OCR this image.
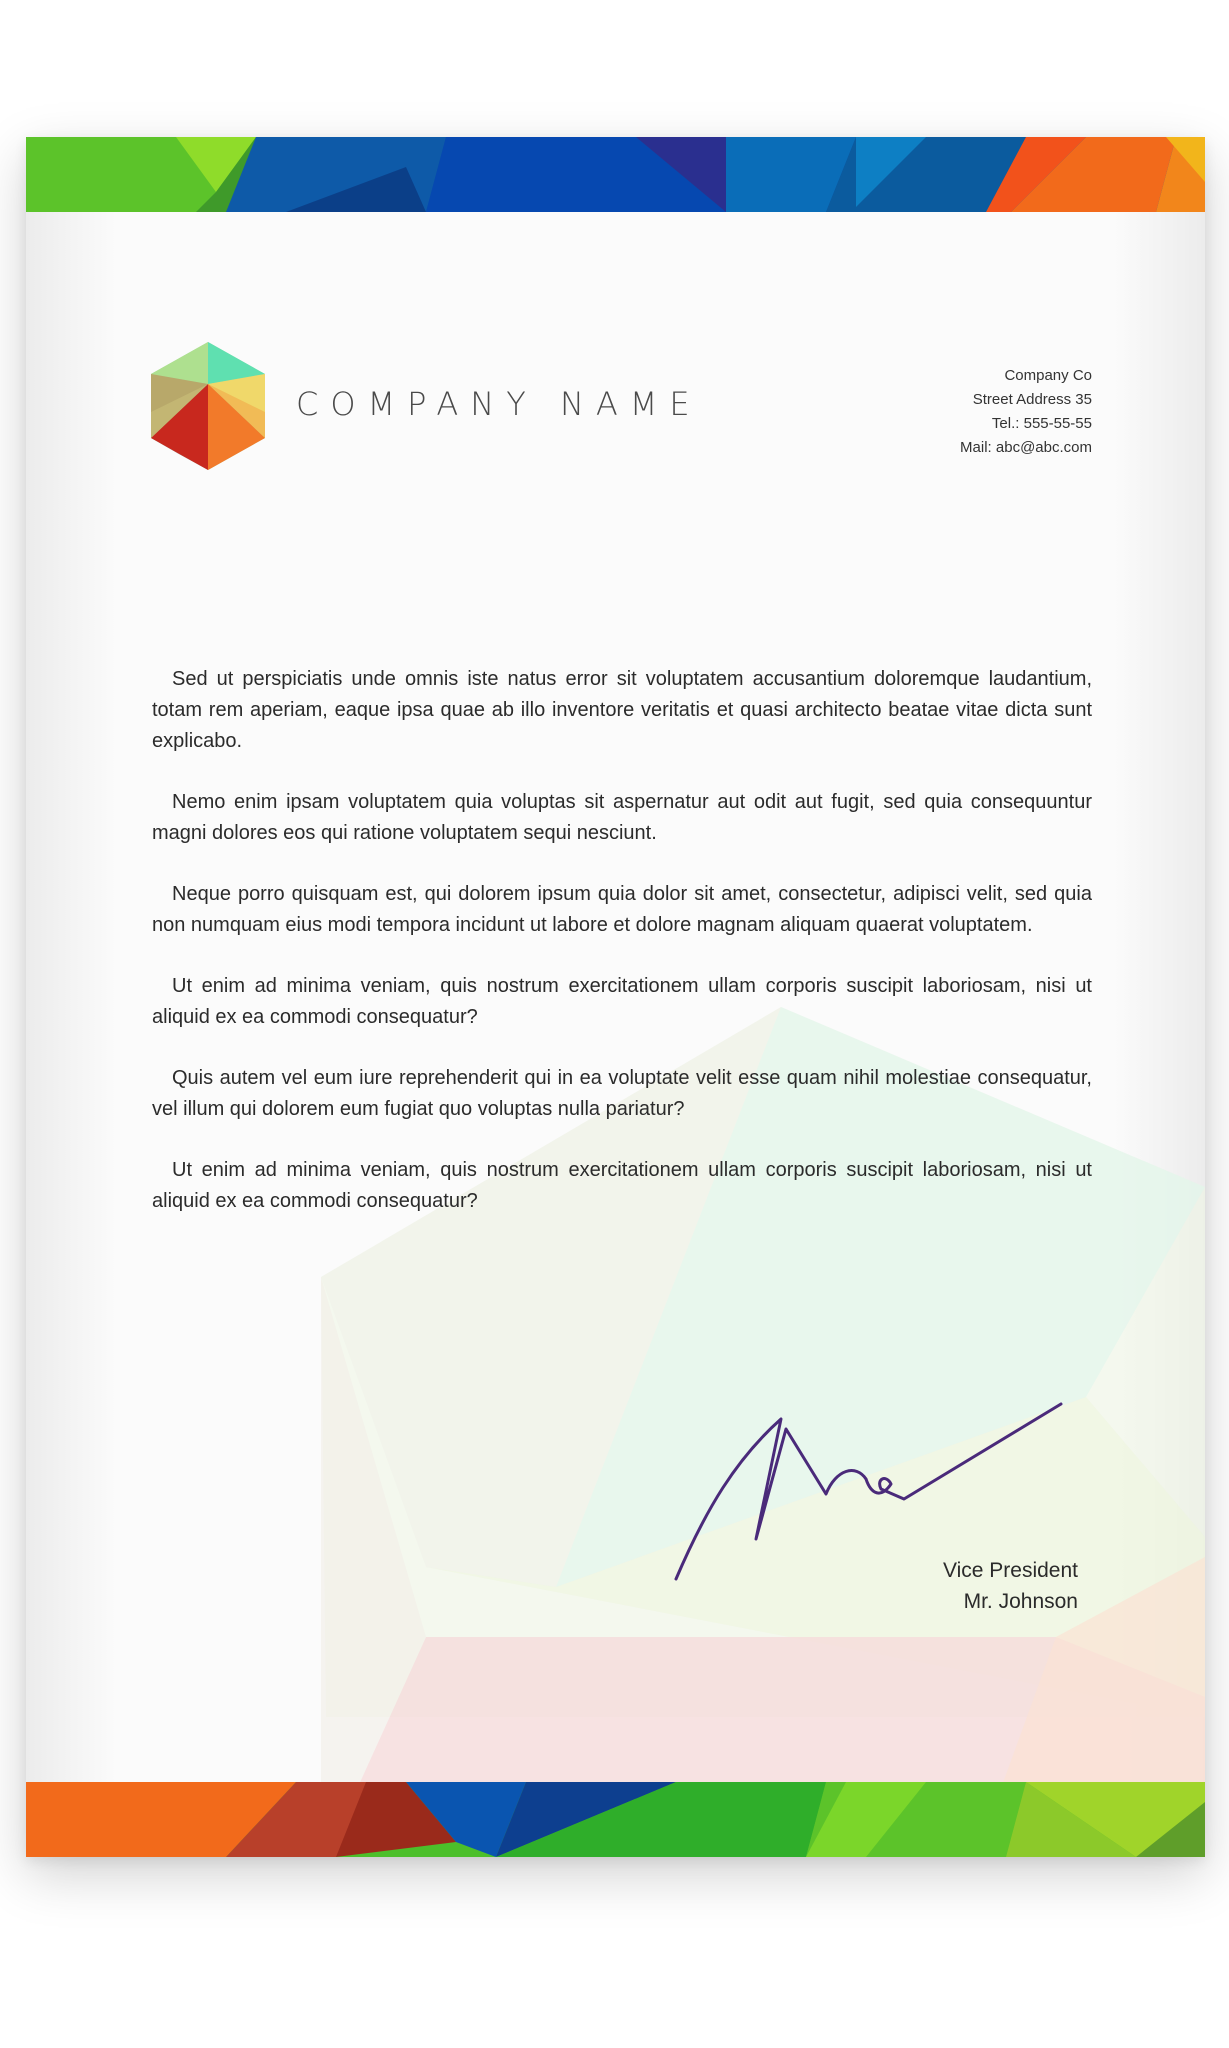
COMPANY NAME
Company Co
Street Address 35
Tel.: 555-55-55
Mail: abc@abc.com

Sed ut perspiciatis unde omnis iste natus error sit voluptatem accusantium doloremque laudantium, totam rem aperiam, eaque ipsa quae ab illo inventore veritatis et quasi architecto beatae vitae dicta sunt explicabo.

Nemo enim ipsam voluptatem quia voluptas sit aspernatur aut odit aut fugit, sed quia consequuntur magni dolores eos qui ratione voluptatem sequi nesciunt.

Neque porro quisquam est, qui dolorem ipsum quia dolor sit amet, consectetur, adipisci velit, sed quia non numquam eius modi tempora incidunt ut labore et dolore magnam aliquam quaerat voluptatem.

Ut enim ad minima veniam, quis nostrum exercitationem ullam corporis suscipit laboriosam, nisi ut aliquid ex ea commodi consequatur?

Quis autem vel eum iure reprehenderit qui in ea voluptate velit esse quam nihil molestiae consequatur, vel illum qui dolorem eum fugiat quo voluptas nulla pariatur?

Ut enim ad minima veniam, quis nostrum exercitationem ullam corporis suscipit laboriosam, nisi ut aliquid ex ea commodi consequatur?

Vice President
Mr. Johnson
